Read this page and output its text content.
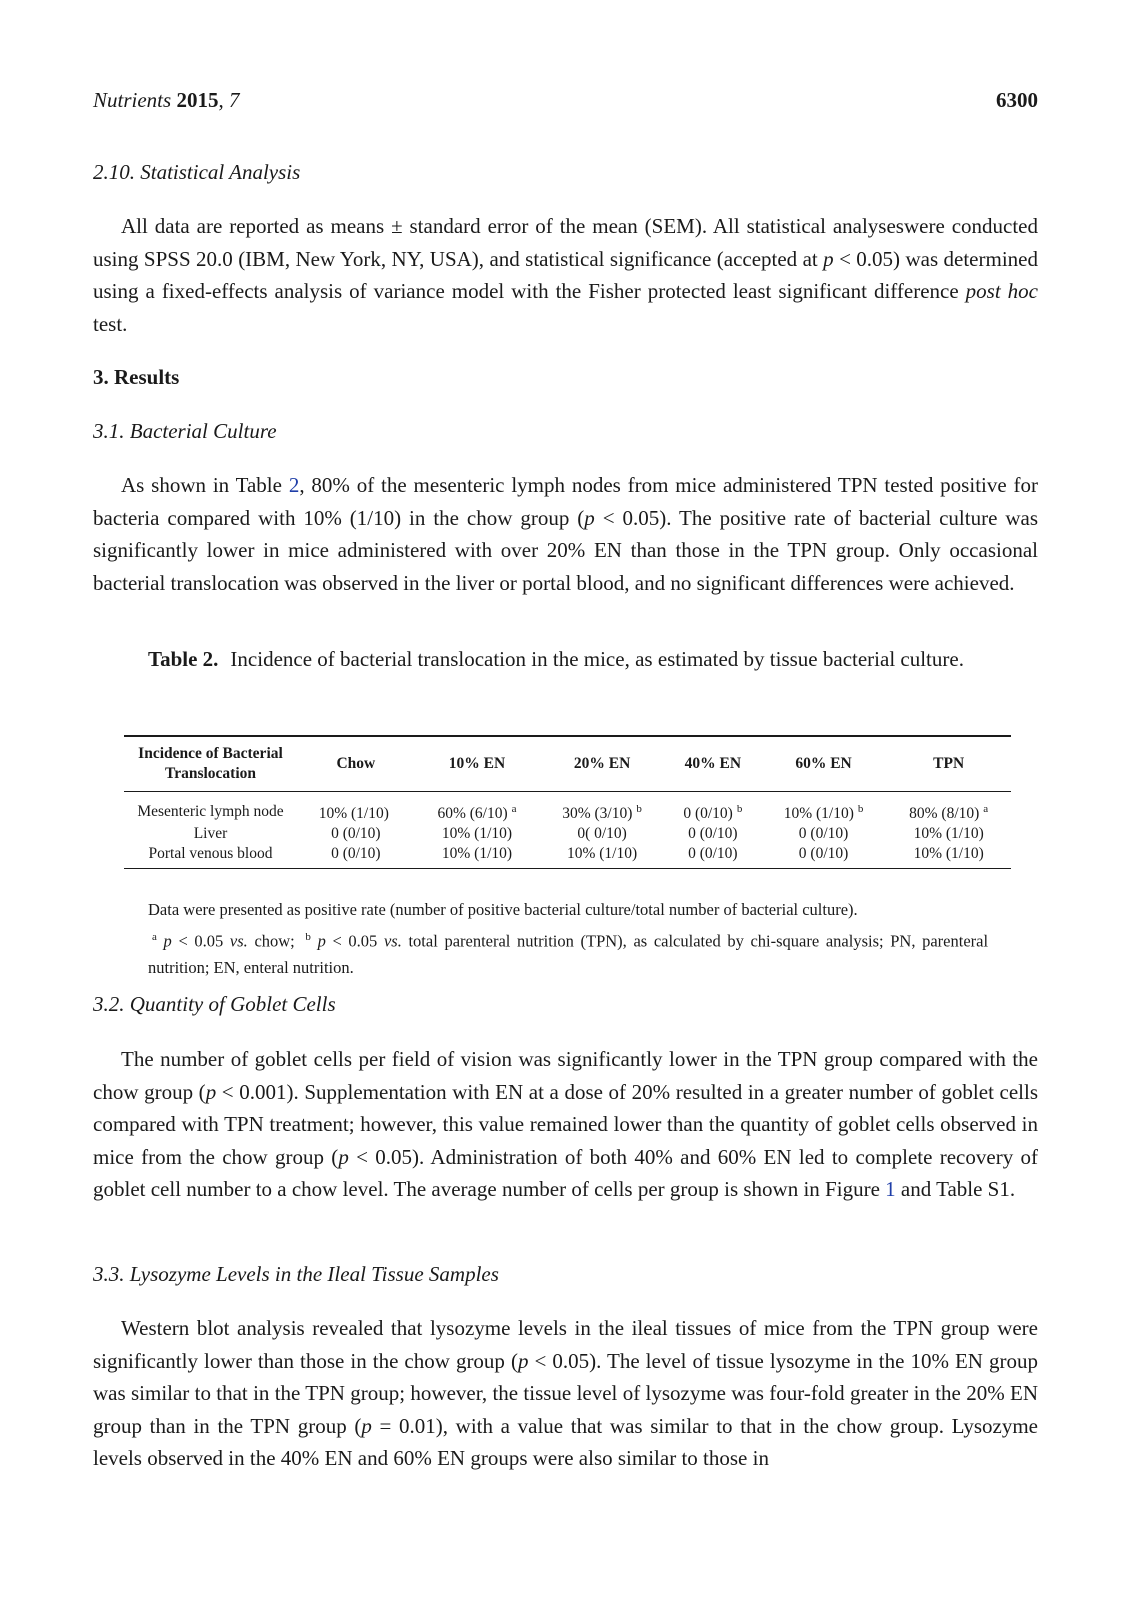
Nutrients 2015, 7	6300
2.10. Statistical Analysis

All data are reported as means ± standard error of the mean (SEM). All statistical analyseswere conducted using SPSS 20.0 (IBM, New York, NY, USA), and statistical significance (accepted at p < 0.05) was determined using a fixed-effects analysis of variance model with the Fisher protected least significant difference post hoc test.

3. Results
3.1. Bacterial Culture

As shown in Table 2, 80% of the mesenteric lymph nodes from mice administered TPN tested positive for bacteria compared with 10% (1/10) in the chow group (p < 0.05). The positive rate of bacterial culture was significantly lower in mice administered with over 20% EN than those in the TPN group. Only occasional bacterial translocation was observed in the liver or portal blood, and no significant differences were achieved.

Table 2. Incidence of bacterial translocation in the mice, as estimated by tissue bacterial culture.

Incidence of Bacterial Translocation	Chow	10% EN	20% EN	40% EN	60% EN	TPN
Mesenteric lymph node	10% (1/10)	60% (6/10) $^a$	30% (3/10) $^b$	0 (0/10) $^b$	10% (1/10) $^b$	80% (8/10) $^a$
Liver	0 (0/10)	10% (1/10)	0( 0/10)	0 (0/10)	0 (0/10)	10% (1/10)
Portal venous blood	0 (0/10)	10% (1/10)	10% (1/10)	0 (0/10)	0 (0/10)	10% (1/10)

Data were presented as positive rate (number of positive bacterial culture/total number of bacterial culture).
$^a$ p < 0.05 vs. chow; $^b$ p < 0.05 vs. total parenteral nutrition (TPN), as calculated by chi-square analysis; PN, parenteral nutrition; EN, enteral nutrition.

3.2. Quantity of Goblet Cells

The number of goblet cells per field of vision was significantly lower in the TPN group compared with the chow group (p < 0.001). Supplementation with EN at a dose of 20% resulted in a greater number of goblet cells compared with TPN treatment; however, this value remained lower than the quantity of goblet cells observed in mice from the chow group (p < 0.05). Administration of both 40% and 60% EN led to complete recovery of goblet cell number to a chow level. The average number of cells per group is shown in Figure 1 and Table S1.

3.3. Lysozyme Levels in the Ileal Tissue Samples

Western blot analysis revealed that lysozyme levels in the ileal tissues of mice from the TPN group were significantly lower than those in the chow group (p < 0.05). The level of tissue lysozyme in the 10% EN group was similar to that in the TPN group; however, the tissue level of lysozyme was four-fold greater in the 20% EN group than in the TPN group (p = 0.01), with a value that was similar to that in the chow group. Lysozyme levels observed in the 40% EN and 60% EN groups were also similar to those in
